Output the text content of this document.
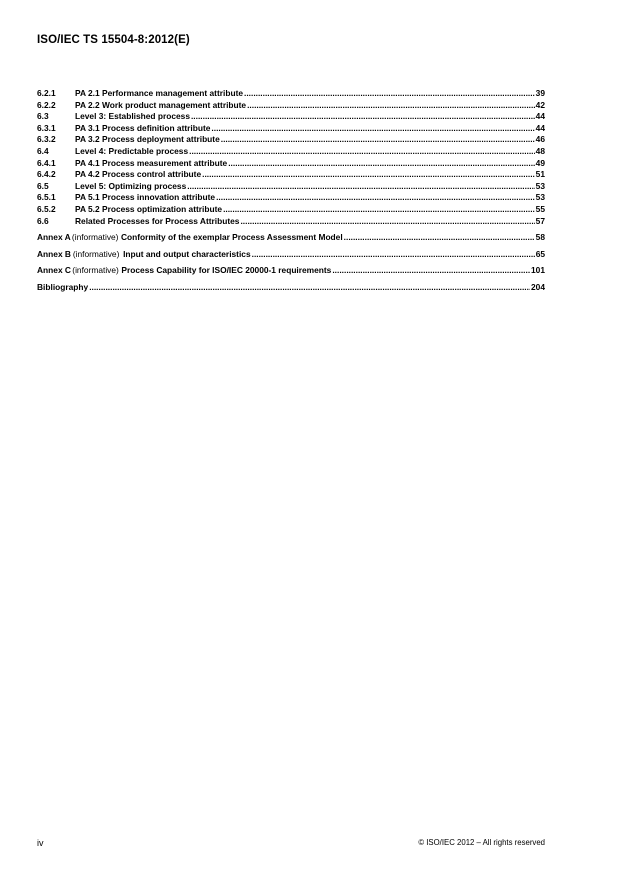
ISO/IEC TS 15504-8:2012(E)
6.2.1	PA 2.1 Performance management attribute .....	39
6.2.2	PA 2.2 Work product management attribute .....	42
6.3	Level 3: Established process .....	44
6.3.1	PA 3.1 Process definition attribute .....	44
6.3.2	PA 3.2 Process deployment attribute .....	46
6.4	Level 4: Predictable process .....	48
6.4.1	PA 4.1 Process measurement attribute .....	49
6.4.2	PA 4.2 Process control attribute .....	51
6.5	Level 5: Optimizing process .....	53
6.5.1	PA 5.1 Process innovation attribute .....	53
6.5.2	PA 5.2 Process optimization attribute .....	55
6.6	Related Processes for Process Attributes .....	57
Annex A (informative) Conformity of the exemplar Process Assessment Model .....	58
Annex B (informative) Input and output characteristics .....	65
Annex C (informative) Process Capability for ISO/IEC 20000-1 requirements .....	101
Bibliography .....	204
iv	© ISO/IEC 2012 – All rights reserved
